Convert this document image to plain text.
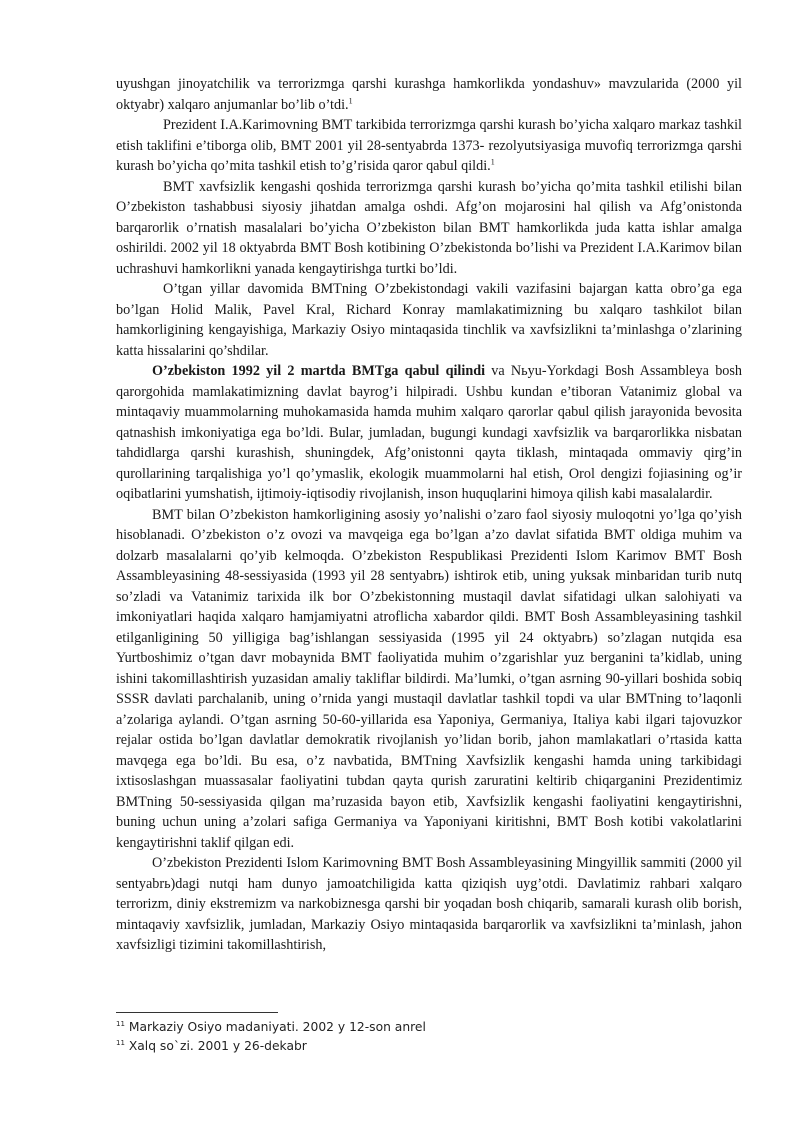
uyushgan jinoyatchilik va terrorizmga qarshi kurashga hamkorlikda yondashuv» mavzularida (2000 yil oktyabr) xalqaro anjumanlar bo’lib o’tdi.$^1$

Prezident I.A.Karimovning BMT tarkibida terrorizmga qarshi kurash bo’yicha xalqaro markaz tashkil etish taklifini e’tiborga olib, BMT 2001 yil 28-sentyabrda 1373- rezolyutsiyasiga muvofiq terrorizmga qarshi kurash bo’yicha qo’mita tashkil etish to’g’risida qaror qabul qildi.$^1$

BMT xavfsizlik kengashi qoshida terrorizmga qarshi kurash bo’yicha qo’mita tashkil etilishi bilan O’zbekiston tashabbusi siyosiy jihatdan amalga oshdi. Afg’on mojarosini hal qilish va Afg’onistonda barqarorlik o’rnatish masalalari bo’yicha O’zbekiston bilan BMT hamkorlikda juda katta ishlar amalga oshirildi. 2002 yil 18 oktyabrda BMT Bosh kotibining O’zbekistonda bo’lishi va Prezident I.A.Karimov bilan uchrashuvi hamkorlikni yanada kengaytirishga turtki bo’ldi.

O’tgan yillar davomida BMTning O’zbekistondagi vakili vazifasini bajargan katta obro’ga ega bo’lgan Holid Malik, Pavel Kral, Richard Konray mamlakatimizning bu xalqaro tashkilot bilan hamkorligining kengayishiga, Markaziy Osiyo mintaqasida tinchlik va xavfsizlikni ta’minlashga o’zlarining katta hissalarini qo’shdilar.

O’zbekiston 1992 yil 2 martda BMTga qabul qilindi va Nьyu-Yorkdagi Bosh Assambleya bosh qarorgohida mamlakatimizning davlat bayrog’i hilpiradi. Ushbu kundan e’tiboran Vatanimiz global va mintaqaviy muammolarning muhokamasida hamda muhim xalqaro qarorlar qabul qilish jarayonida bevosita qatnashish imkoniyatiga ega bo’ldi. Bular, jumladan, bugungi kundagi xavfsizlik va barqarorlikka nisbatan tahdidlarga qarshi kurashish, shuningdek, Afg’onistonni qayta tiklash, mintaqada ommaviy qirg’in qurollarining tarqalishiga yo’l qo’ymaslik, ekologik muammolarni hal etish, Orol dengizi fojiasining og’ir oqibatlarini yumshatish, ijtimoiy-iqtisodiy rivojlanish, inson huquqlarini himoya qilish kabi masalalardir.

BMT bilan O’zbekiston hamkorligining asosiy yo’nalishi o’zaro faol siyosiy muloqotni yo’lga qo’yish hisoblanadi. O’zbekiston o’z ovozi va mavqeiga ega bo’lgan a’zo davlat sifatida BMT oldiga muhim va dolzarb masalalarni qo’yib kelmoqda. O’zbekiston Respublikasi Prezidenti Islom Karimov BMT Bosh Assambleyasining 48-sessiyasida (1993 yil 28 sentyabrь) ishtirok etib, uning yuksak minbaridan turib nutq so’zladi va Vatanimiz tarixida ilk bor O’zbekistonning mustaqil davlat sifatidagi ulkan salohiyati va imkoniyatlari haqida xalqaro hamjamiyatni atroflicha xabardor qildi. BMT Bosh Assambleyasining tashkil etilganligining 50 yilligiga bag’ishlangan sessiyasida (1995 yil 24 oktyabrь) so’zlagan nutqida esa Yurtboshimiz o’tgan davr mobaynida BMT faoliyatida muhim o’zgarishlar yuz berganini ta’kidlab, uning ishini takomillashtirish yuzasidan amaliy takliflar bildirdi. Ma’lumki, o’tgan asrning 90-yillari boshida sobiq SSSR davlati parchalanib, uning o’rnida yangi mustaqil davlatlar tashkil topdi va ular BMTning to’laqonli a’zolariga aylandi. O’tgan asrning 50-60-yillarida esa Yaponiya, Germaniya, Italiya kabi ilgari tajovuzkor rejalar ostida bo’lgan davlatlar demokratik rivojlanish yo’lidan borib, jahon mamlakatlari o’rtasida katta mavqega ega bo’ldi. Bu esa, o’z navbatida, BMTning Xavfsizlik kengashi hamda uning tarkibidagi ixtisoslashgan muassasalar faoliyatini tubdan qayta qurish zaruratini keltirib chiqarganini Prezidentimiz BMTning 50-sessiyasida qilgan ma’ruzasida bayon etib, Xavfsizlik kengashi faoliyatini kengaytirishni, buning uchun uning a’zolari safiga Germaniya va Yaponiyani kiritishni, BMT Bosh kotibi vakolatlarini kengaytirishni taklif qilgan edi.

O’zbekiston Prezidenti Islom Karimovning BMT Bosh Assambleyasining Mingyillik sammiti (2000 yil sentyabrь)dagi nutqi ham dunyo jamoatchiligida katta qiziqish uyg’otdi. Davlatimiz rahbari xalqaro terrorizm, diniy ekstremizm va narkobiznesga qarshi bir yoqadan bosh chiqarib, samarali kurash olib borish, mintaqaviy xavfsizlik, jumladan, Markaziy Osiyo mintaqasida barqarorlik va xavfsizlikni ta’minlash, jahon xavfsizligi tizimini takomillashtirish,

$^{11}$ Markaziy Osiyo madaniyati. 2002 y 12-son anrel

$^{11}$ Xalq so`zi. 2001 y 26-dekabr
